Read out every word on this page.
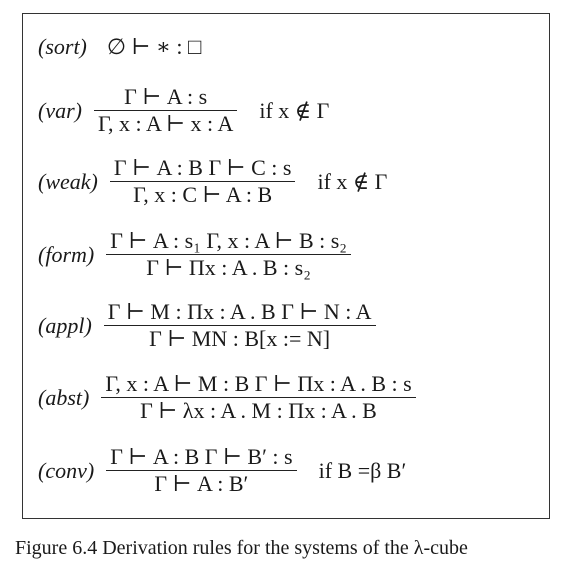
(sort) ∅ ⊢ ∗ : □
$(var) \frac{\Gamma ⊢ A : s}{\Gamma, x : A ⊢ x : A}$ if x ∉ Γ
(weak) $\frac{\text{Γ ⊢ A : B Γ ⊢ C : s}}{\Gamma, x : C ⊢ A : B}$ if x ∉ Γ
(form) $\frac{\text{Γ ⊢ A : s₁ Γ, x : A ⊢ B : s₂}}{\text{Γ ⊢ Πx : A . B : s₂}}$
(appl) $\frac{\text{Γ ⊢ M : Πx : A . B Γ ⊢ N : A}}{\Gamma ⊢ MN : B[x := N]}$
(abst) $\frac{\text{Γ, x : A ⊢ M : B Γ ⊢ Πx : A . B : s}}{\Gamma ⊢ \lambda x : A . M : \Pi x : A . B}$
(conv) $\frac{\text{Γ ⊢ A : B Γ ⊢ B′ : s}}{\Gamma ⊢ A : B'}$ if B =β B′
Figure 6.4 Derivation rules for the systems of the λ-cube
